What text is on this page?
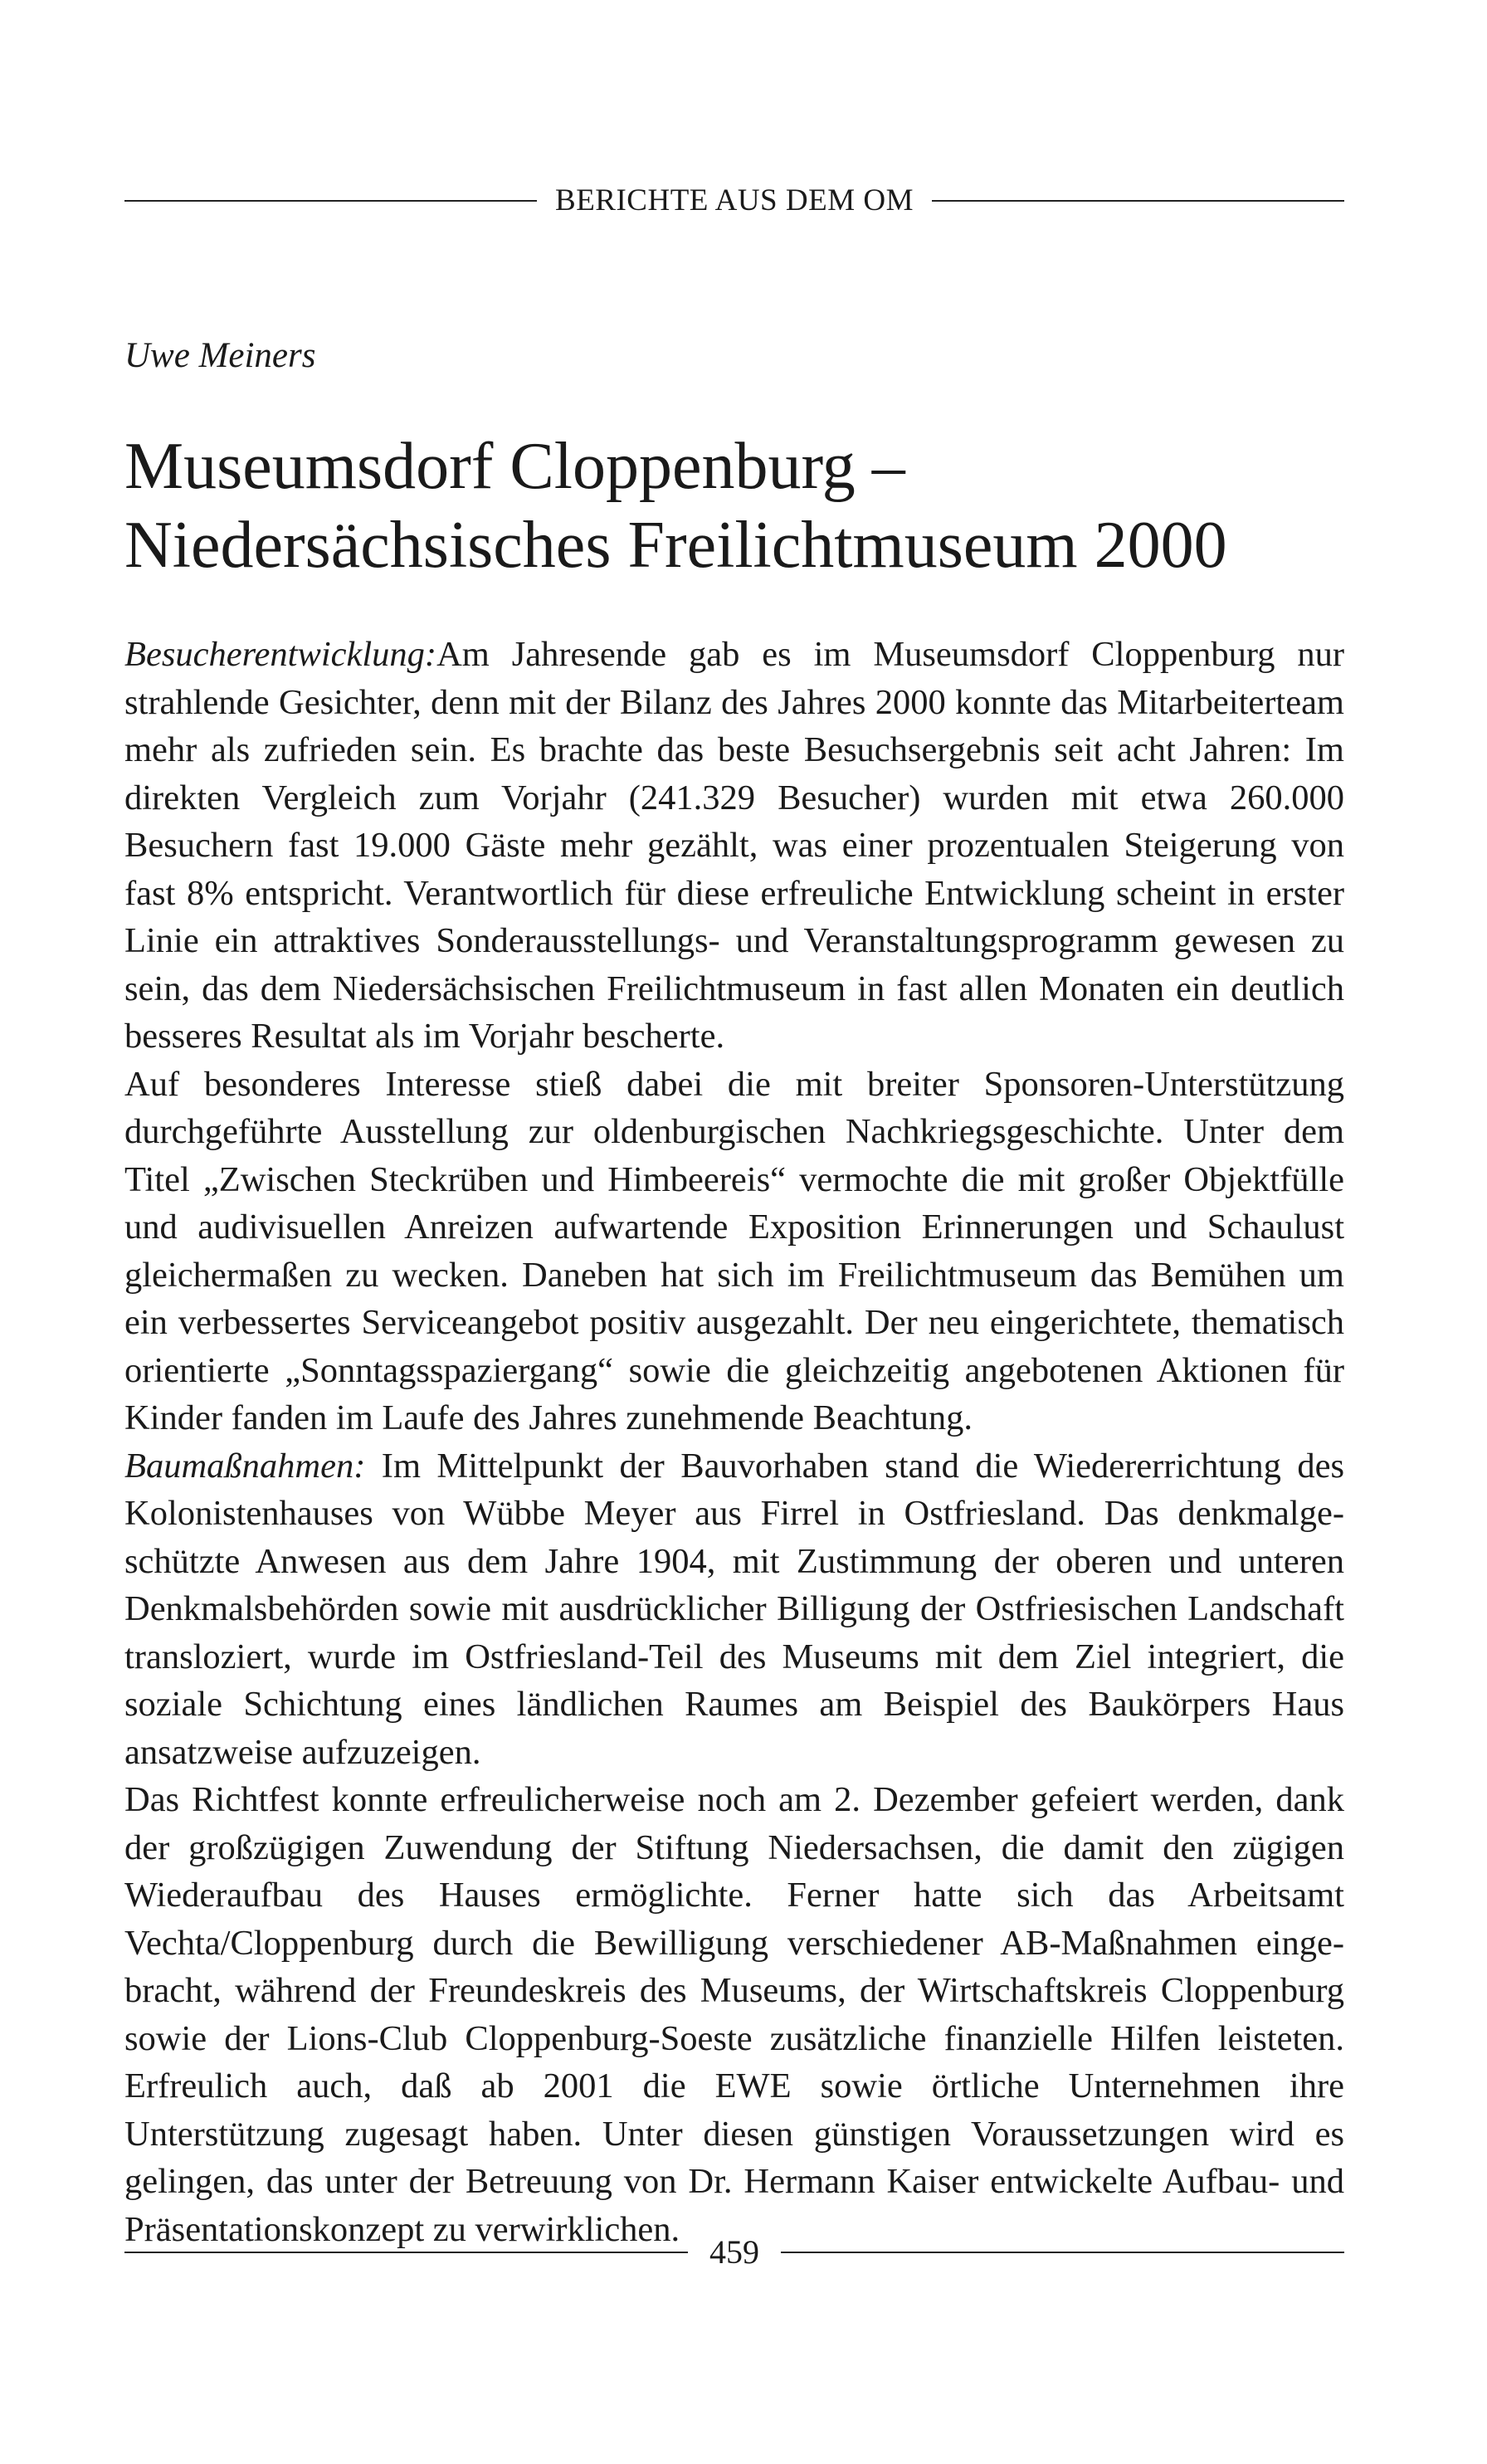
BERICHTE AUS DEM OM
Uwe Meiners
Museumsdorf Cloppenburg –
Niedersächsisches Freilichtmuseum 2000

Besucherentwicklung:Am Jahresende gab es im Museumsdorf Cloppenburg nur strahlende Gesichter, denn mit der Bilanz des Jahres 2000 konnte das Mitarbeiterteam mehr als zufrieden sein. Es brachte das beste Besuchsergebnis seit acht Jahren: Im direkten Vergleich zum Vorjahr (241.329 Besucher) wurden mit etwa 260.000 Besuchern fast 19.000 Gäste mehr gezählt, was einer prozentualen Steigerung von fast 8% entspricht. Verantwortlich für diese erfreuliche Entwicklung scheint in erster Linie ein attraktives Sonderausstellungs- und Veranstaltungsprogramm gewesen zu sein, das dem Niedersächsischen Freilichtmuseum in fast allen Monaten ein deutlich besseres Resultat als im Vorjahr bescherte.

Auf besonderes Interesse stieß dabei die mit breiter Sponsoren-Unterstützung durchgeführte Ausstellung zur oldenburgischen Nachkriegsgeschichte. Unter dem Titel „Zwischen Steckrüben und Himbeereis“ vermochte die mit großer Objektfülle und audivisuellen Anreizen aufwartende Exposition Erinnerungen und Schaulust gleichermaßen zu wecken. Daneben hat sich im Freilichtmuseum das Bemühen um ein verbessertes Serviceangebot positiv ausgezahlt. Der neu eingerichtete, thematisch orientierte „Sonntagsspaziergang“ sowie die gleichzeitig angebotenen Aktionen für Kinder fanden im Laufe des Jahres zunehmende Beachtung.

Baumaßnahmen: Im Mittelpunkt der Bauvorhaben stand die Wiedererrichtung des Kolonistenhauses von Wübbe Meyer aus Firrel in Ostfriesland. Das denkmalgeschützte Anwesen aus dem Jahre 1904, mit Zustimmung der oberen und unteren Denkmalsbehörden sowie mit ausdrücklicher Billigung der Ostfriesischen Landschaft transloziert, wurde im Ostfriesland-Teil des Museums mit dem Ziel integriert, die soziale Schichtung eines ländlichen Raumes am Beispiel des Baukörpers Haus ansatzweise aufzuzeigen.

Das Richtfest konnte erfreulicherweise noch am 2. Dezember gefeiert werden, dank der großzügigen Zuwendung der Stiftung Niedersachsen, die damit den zügigen Wiederaufbau des Hauses ermöglichte. Ferner hatte sich das Arbeitsamt Vechta/Cloppenburg durch die Bewilligung verschiedener AB-Maßnahmen eingebracht, während der Freundeskreis des Museums, der Wirtschaftskreis Cloppenburg sowie der Lions-Club Cloppenburg-Soeste zusätzliche finanzielle Hilfen leisteten. Erfreulich auch, daß ab 2001 die EWE sowie örtliche Unternehmen ihre Unterstützung zugesagt haben. Unter diesen günstigen Voraussetzungen wird es gelingen, das unter der Betreuung von Dr. Hermann Kaiser entwickelte Aufbau- und Präsentationskonzept zu verwirklichen.

459
